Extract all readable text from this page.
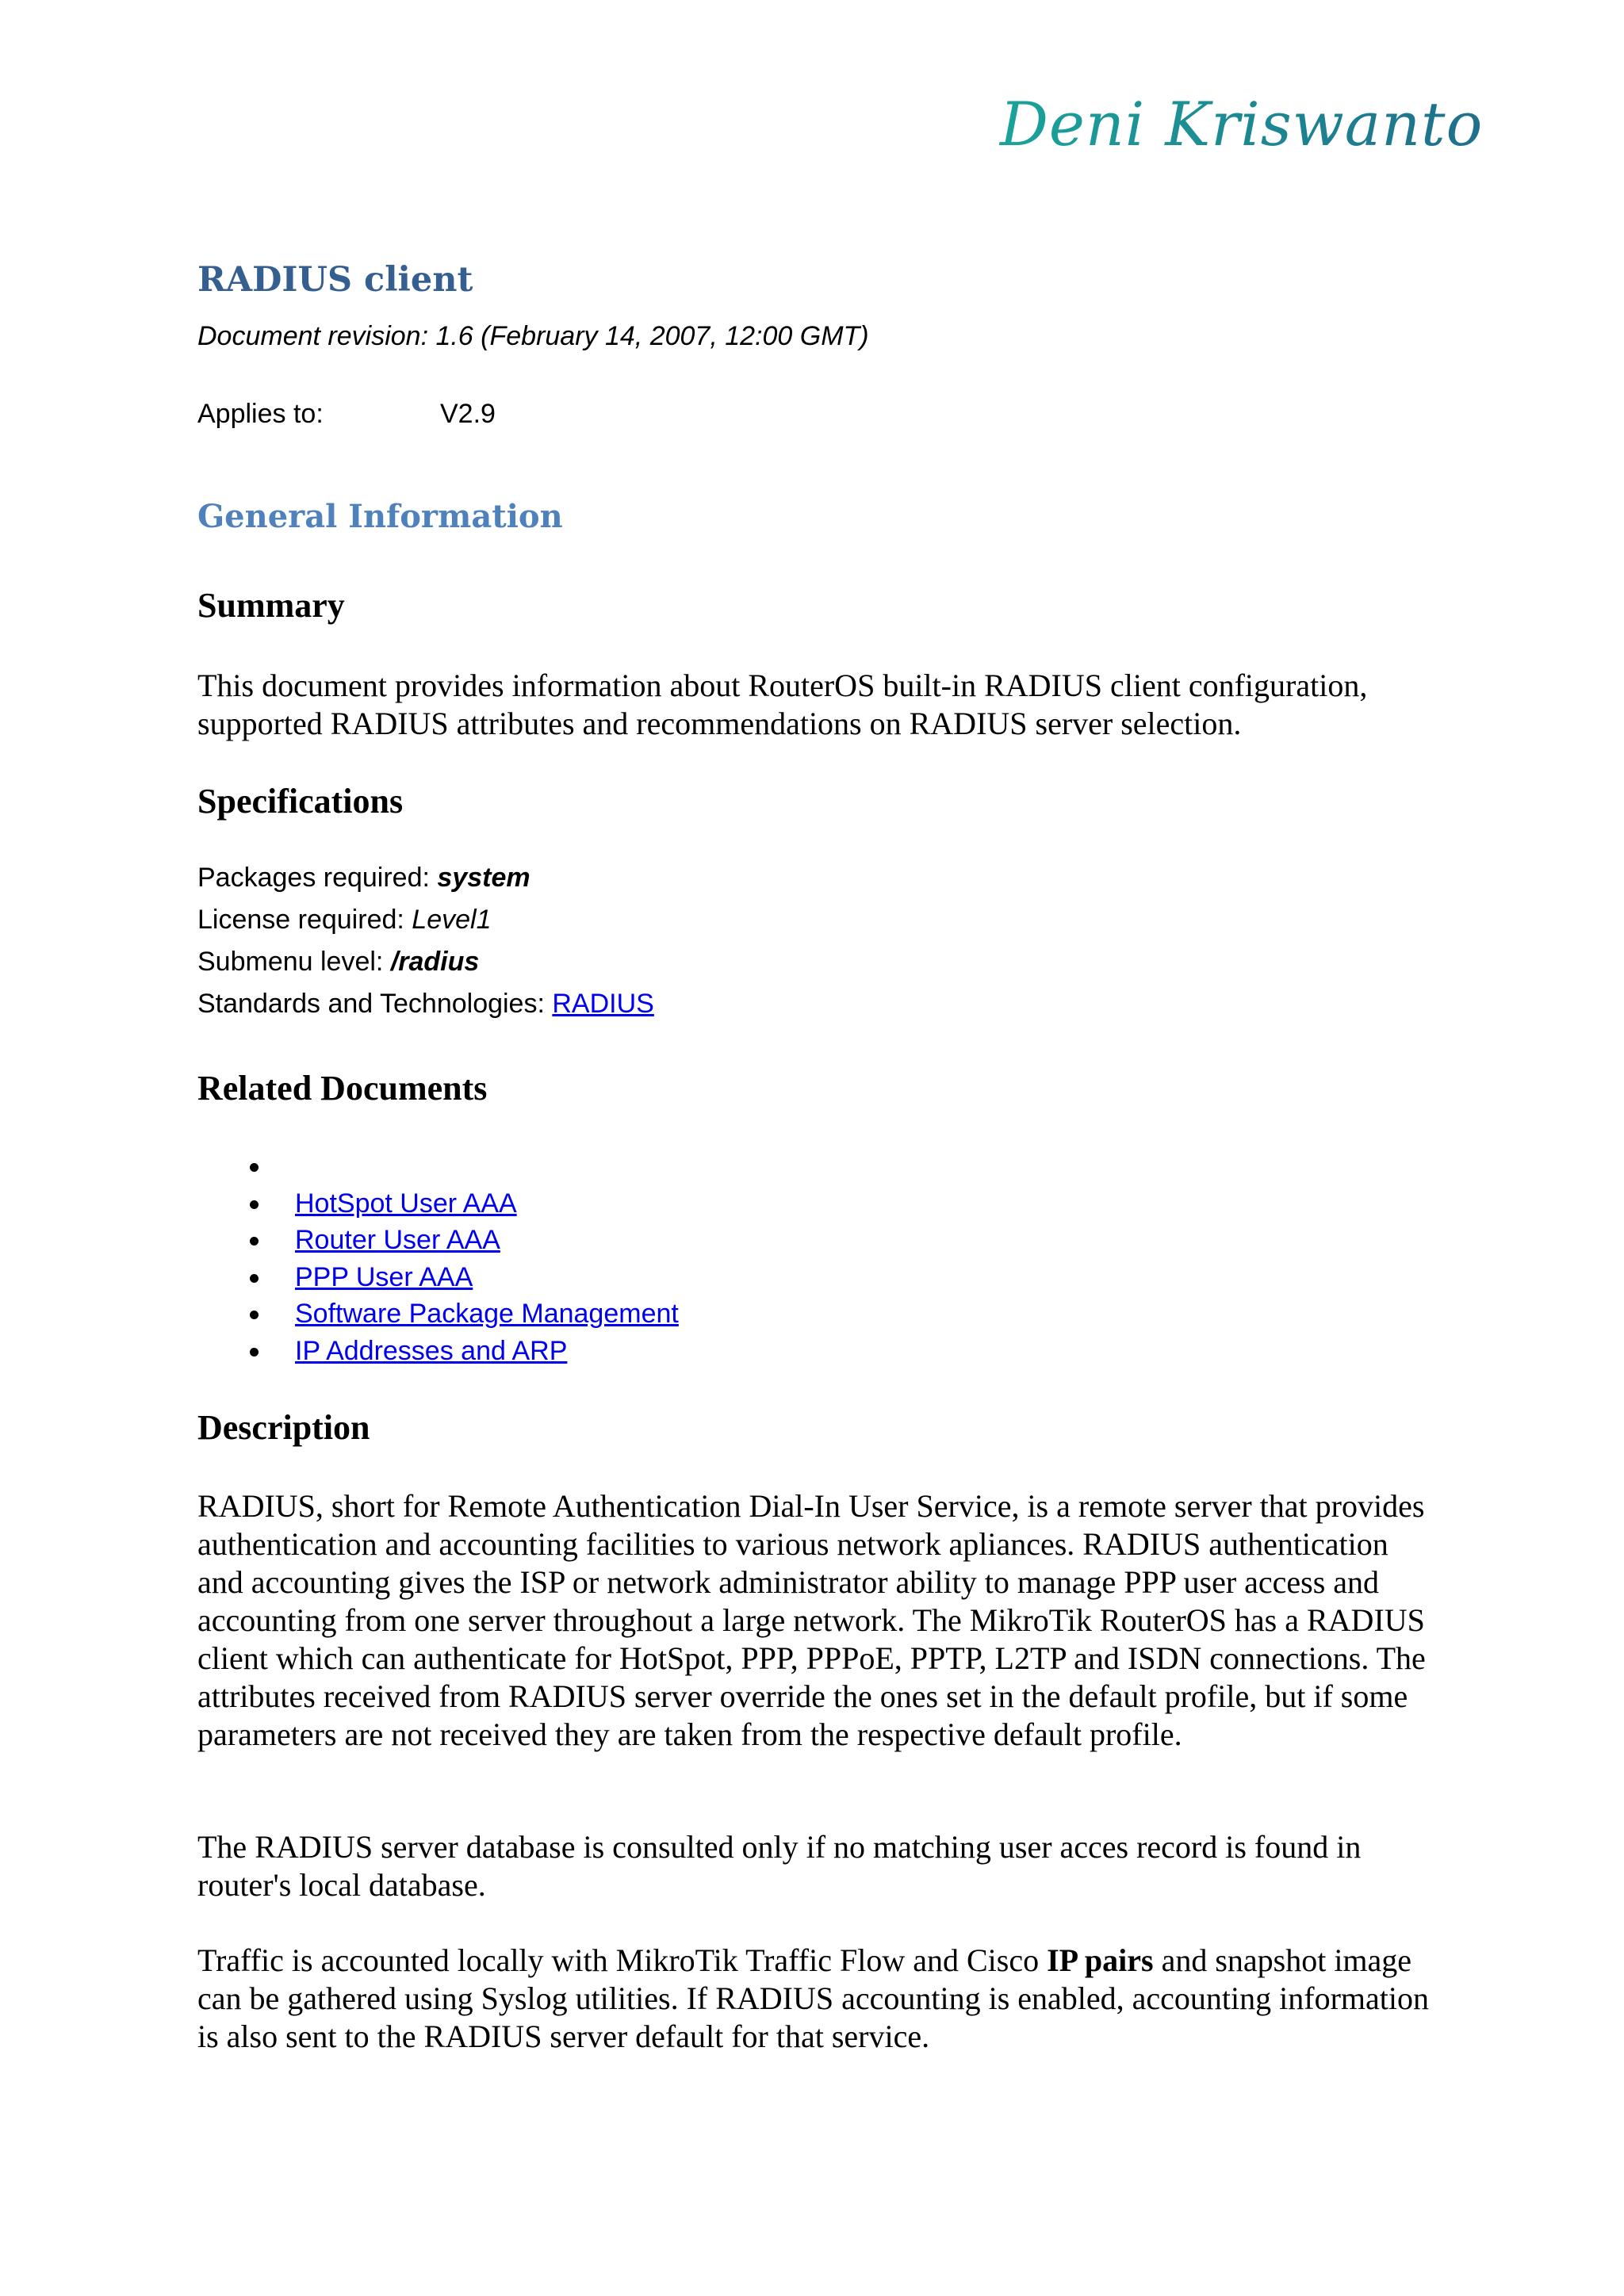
Deni Kriswanto
RADIUS client
Document revision: 1.6 (February 14, 2007, 12:00 GMT)
Applies to:	V2.9
General Information
Summary

This document provides information about RouterOS built-in RADIUS client configuration, supported RADIUS attributes and recommendations on RADIUS server selection.

Specifications
Packages required: system
License required: Level1
Submenu level: /radius
Standards and Technologies: RADIUS
Related Documents
HotSpot User AAA
Router User AAA
PPP User AAA
Software Package Management
IP Addresses and ARP
Description

RADIUS, short for Remote Authentication Dial-In User Service, is a remote server that provides authentication and accounting facilities to various network apliances. RADIUS authentication and accounting gives the ISP or network administrator ability to manage PPP user access and accounting from one server throughout a large network. The MikroTik RouterOS has a RADIUS client which can authenticate for HotSpot, PPP, PPPoE, PPTP, L2TP and ISDN connections. The attributes received from RADIUS server override the ones set in the default profile, but if some parameters are not received they are taken from the respective default profile.

The RADIUS server database is consulted only if no matching user acces record is found in router's local database.

Traffic is accounted locally with MikroTik Traffic Flow and Cisco IP pairs and snapshot image can be gathered using Syslog utilities. If RADIUS accounting is enabled, accounting information is also sent to the RADIUS server default for that service.
